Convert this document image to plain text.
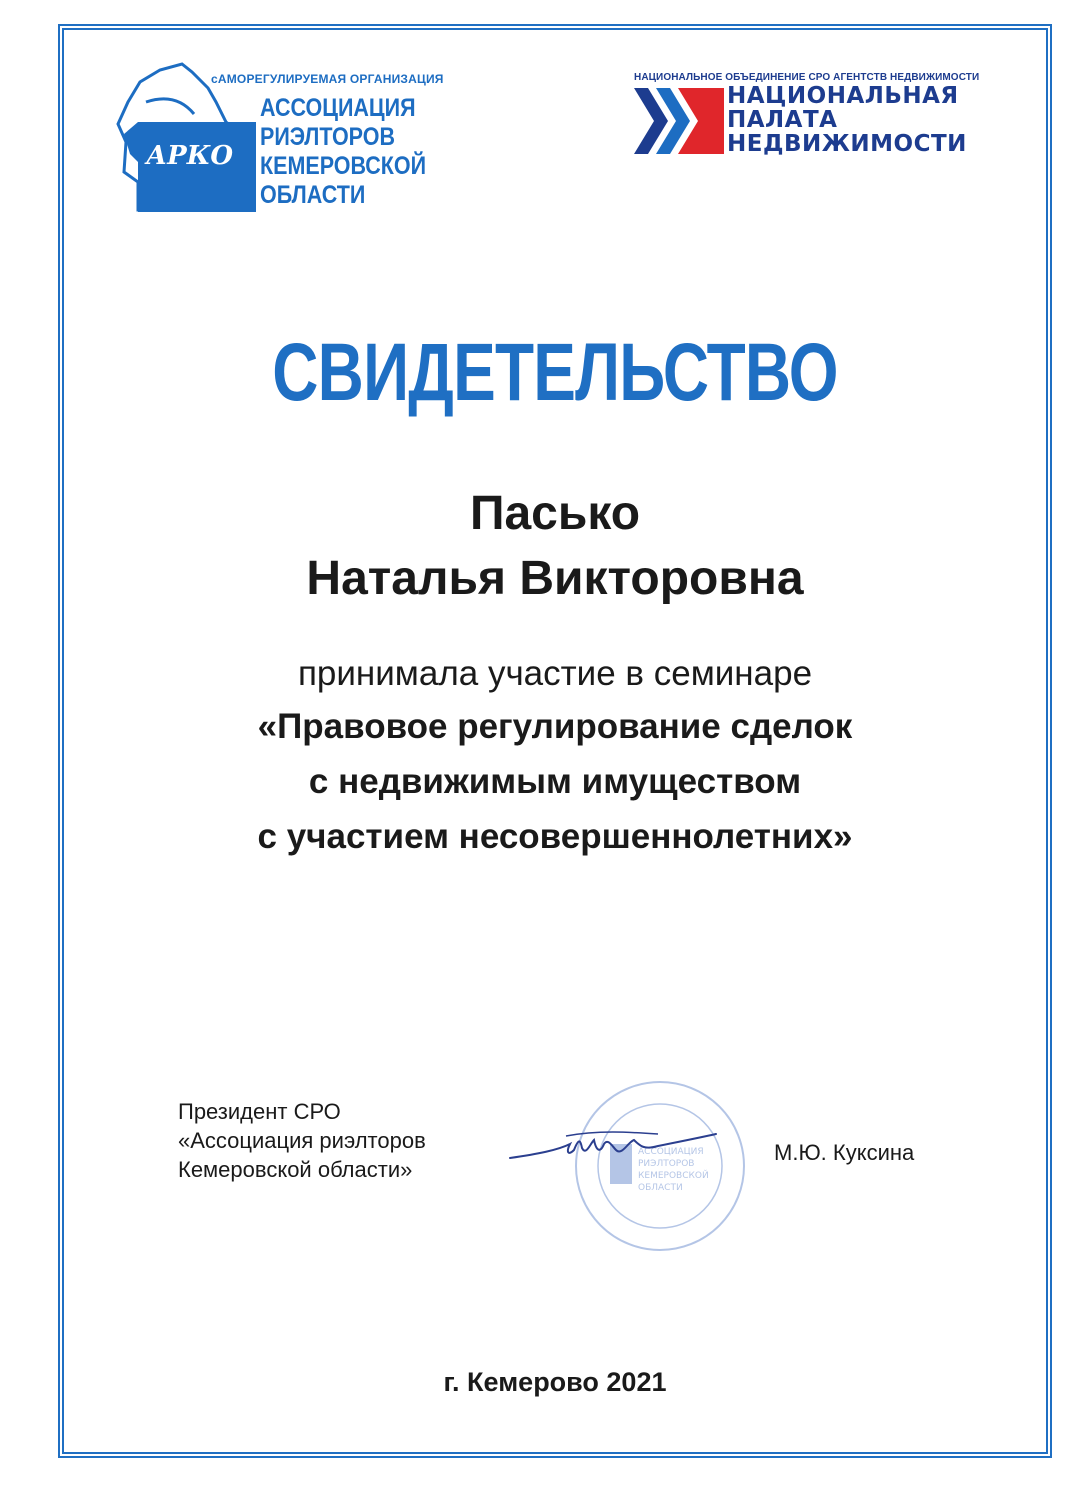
АРКО
сАМОРЕГУЛИРУЕМАЯ ОРГАНИЗАЦИЯ
АССОЦИАЦИЯ
РИЭЛТОРОВ
КЕМЕРОВСКОЙ
ОБЛАСТИ
НАЦИОНАЛЬНОЕ ОБЪЕДИНЕНИЕ СРО АГЕНТСТВ НЕДВИЖИМОСТИ
НАЦИОНАЛЬНАЯ
ПАЛАТА
НЕДВИЖИМОСТИ
СВИДЕТЕЛЬСТВО
Пасько
Наталья Викторовна
принимала участие в семинаре
«Правовое регулирование сделок
с недвижимым имуществом
с участием несовершеннолетних»
Президент СРО
«Ассоциация риэлторов
Кемеровской области»
АССОЦИАЦИЯ
РИЭЛТОРОВ
КЕМЕРОВСКОЙ
ОБЛАСТИ
М.Ю. Куксина
г. Кемерово 2021
